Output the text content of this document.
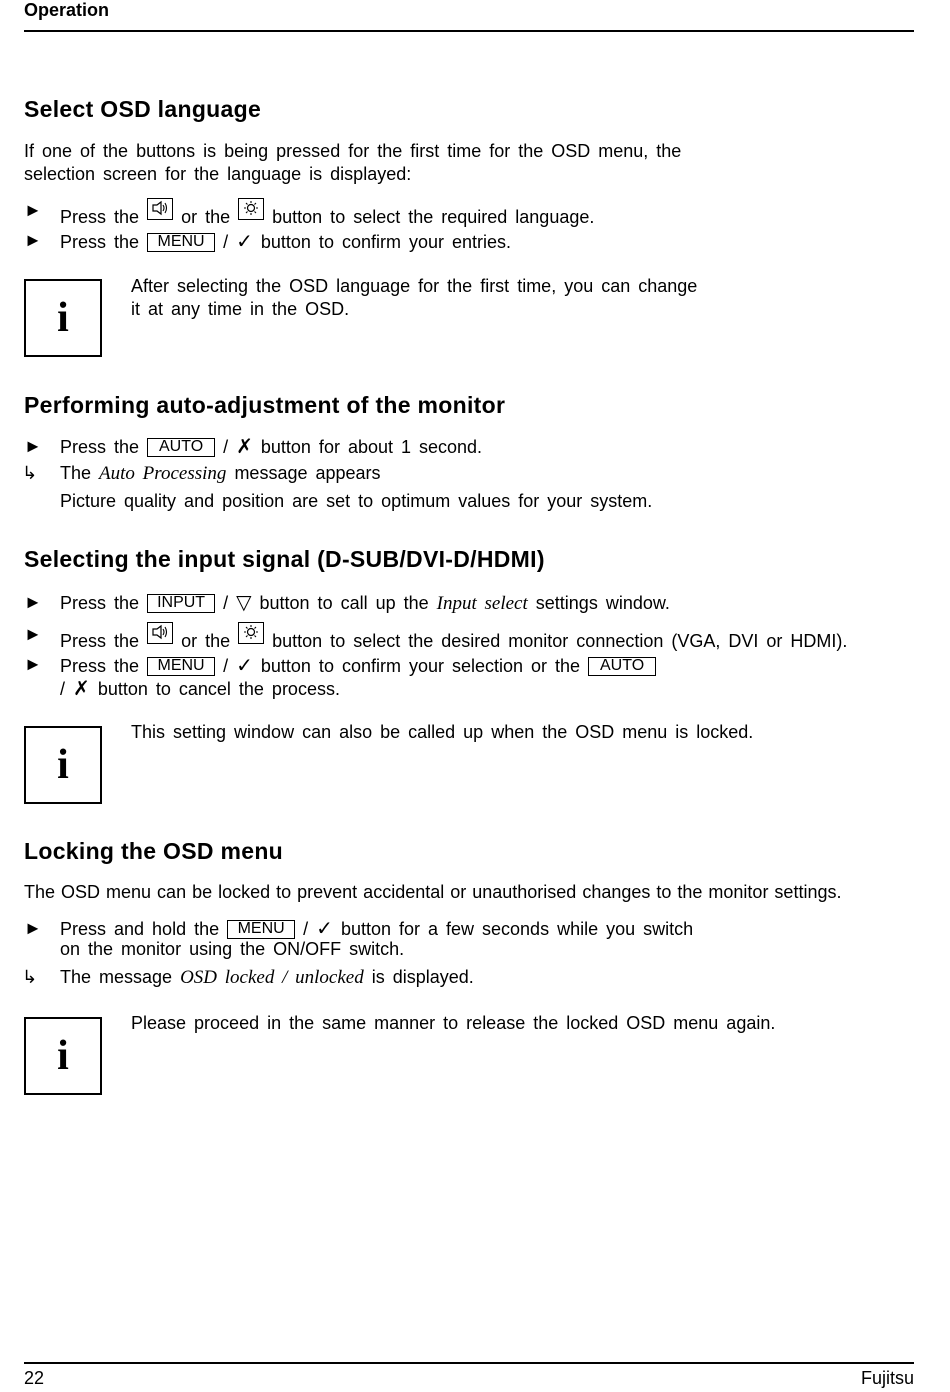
Operation
Select OSD language
If one of the buttons is being pressed for the first time for the OSD menu, the
selection screen for the language is displayed:
► Press the or the button to select the required language.
► Press the MENU / ✓ button to confirm your entries.
i
After selecting the OSD language for the first time, you can change
it at any time in the OSD.
Performing auto-adjustment of the monitor
► Press the AUTO / ✗ button for about 1 second.
↳ The Auto Processing message appears
Picture quality and position are set to optimum values for your system.
Selecting the input signal (D-SUB/DVI-D/HDMI)
► Press the INPUT / ▽ button to call up the Input select settings window.
► Press the or the button to select the desired monitor connection (VGA, DVI or HDMI).
► Press the MENU / ✓ button to confirm your selection or the AUTO
/ ✗ button to cancel the process.
i
This setting window can also be called up when the OSD menu is locked.
Locking the OSD menu
The OSD menu can be locked to prevent accidental or unauthorised changes to the monitor settings.
► Press and hold the MENU / ✓ button for a few seconds while you switch
on the monitor using the ON/OFF switch.
↳ The message OSD locked / unlocked is displayed.
i
Please proceed in the same manner to release the locked OSD menu again.
22	Fujitsu
